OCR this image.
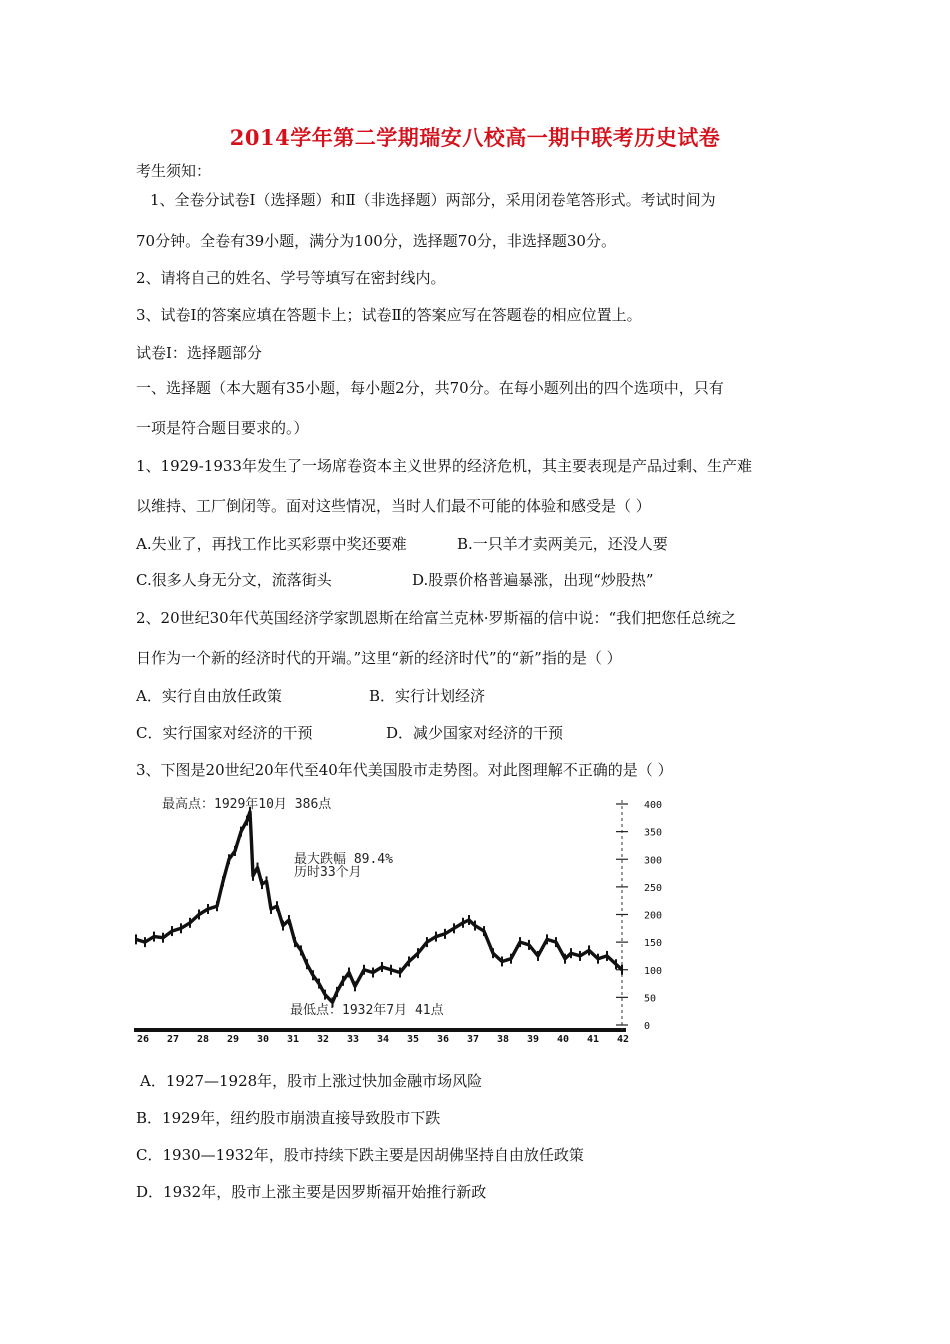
2014学年第二学期瑞安八校高一期中联考历史试卷
考生须知：
1、全卷分试卷Ⅰ（选择题）和Ⅱ（非选择题）两部分，采用闭卷笔答形式。考试时间为
70分钟。全卷有39小题，满分为100分，选择题70分，非选择题30分。
2、请将自己的姓名、学号等填写在密封线内。
3、试卷Ⅰ的答案应填在答题卡上；试卷Ⅱ的答案应写在答题卷的相应位置上。
试卷Ⅰ：选择题部分
一、选择题（本大题有35小题，每小题2分，共70分。在每小题列出的四个选项中，只有
一项是符合题目要求的。）
1、1929-1933年发生了一场席卷资本主义世界的经济危机，其主要表现是产品过剩、生产难
以维持、工厂倒闭等。面对这些情况，当时人们最不可能的体验和感受是（ ）
A.失业了，再找工作比买彩票中奖还要难	B.一只羊才卖两美元，还没人要
C.很多人身无分文，流落街头	D.股票价格普遍暴涨，出现“炒股热”
2、20世纪30年代英国经济学家凯恩斯在给富兰克林·罗斯福的信中说：“我们把您任总统之
日作为一个新的经济时代的开端。”这里“新的经济时代”的“新”指的是（ ）
A．实行自由放任政策	B．实行计划经济
C．实行国家对经济的干预	D．减少国家对经济的干预
3、下图是20世纪20年代至40年代美国股市走势图。对此图理解不正确的是（ ）
26 27 28 29 30 31 32 33 34 35 36 37 38 39 40 41 42
0
50
100
150
200
250
300
350
400
最高点：1929年10月 386点
最大跌幅 89.4%
历时33个月
最低点：1932年7月 41点
A．1927—1928年，股市上涨过快加金融市场风险
B．1929年，纽约股市崩溃直接导致股市下跌
C．1930—1932年，股市持续下跌主要是因胡佛坚持自由放任政策
D．1932年，股市上涨主要是因罗斯福开始推行新政
